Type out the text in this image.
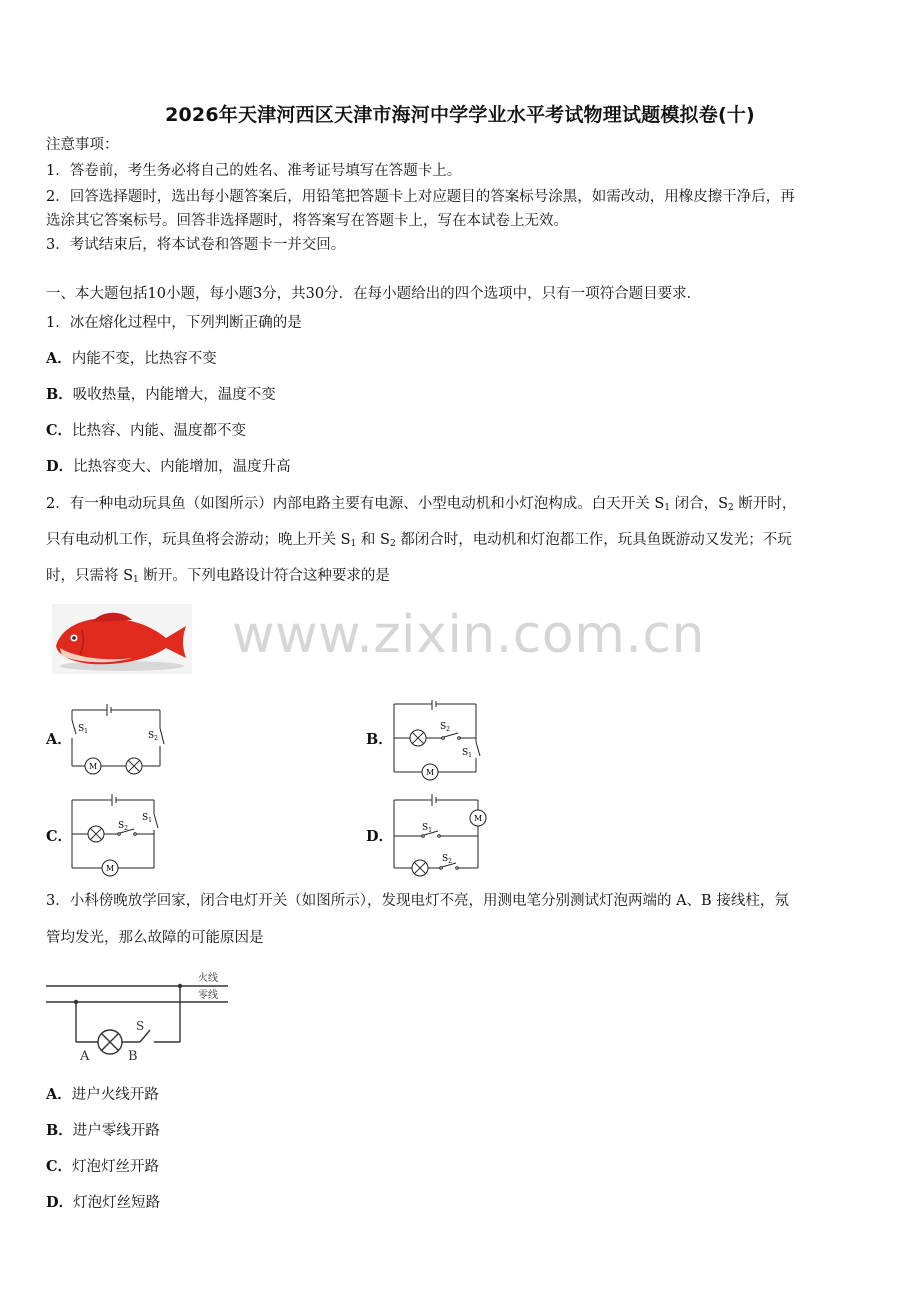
2026年天津河西区天津市海河中学学业水平考试物理试题模拟卷(十)
注意事项：
1．答卷前，考生务必将自己的姓名、准考证号填写在答题卡上。
2．回答选择题时，选出每小题答案后，用铅笔把答题卡上对应题目的答案标号涂黑，如需改动，用橡皮擦干净后，再
选涂其它答案标号。回答非选择题时，将答案写在答题卡上，写在本试卷上无效。
3．考试结束后，将本试卷和答题卡一并交回。
一、本大题包括10小题，每小题3分，共30分．在每小题给出的四个选项中，只有一项符合题目要求．
1．冰在熔化过程中，下列判断正确的是
A．内能不变，比热容不变
B．吸收热量，内能增大，温度不变
C．比热容、内能、温度都不变
D．比热容变大、内能增加，温度升高
2．有一种电动玩具鱼（如图所示）内部电路主要有电源、小型电动机和小灯泡构成。白天开关 $S_1$ 闭合，$S_2$ 断开时，
只有电动机工作，玩具鱼将会游动；晚上开关 $S_1$ 和 $S_2$ 都闭合时，电动机和灯泡都工作，玩具鱼既游动又发光；不玩
时，只需将 $S_1$ 断开。下列电路设计符合这种要求的是
www.zixin.com.cn
A．	B．
C．	D．
$S_1$	$S_2$
M
$S_2$
$S_1$
M
$S_2$
$S_1$
M
$S_1$
$S_2$
M
3．小科傍晚放学回家，闭合电灯开关（如图所示），发现电灯不亮，用测电笔分别测试灯泡两端的 A、B 接线柱，氖
管均发光，那么故障的可能原因是
火线
零线
A	B
S
A．进户火线开路
B．进户零线开路
C．灯泡灯丝开路
D．灯泡灯丝短路
